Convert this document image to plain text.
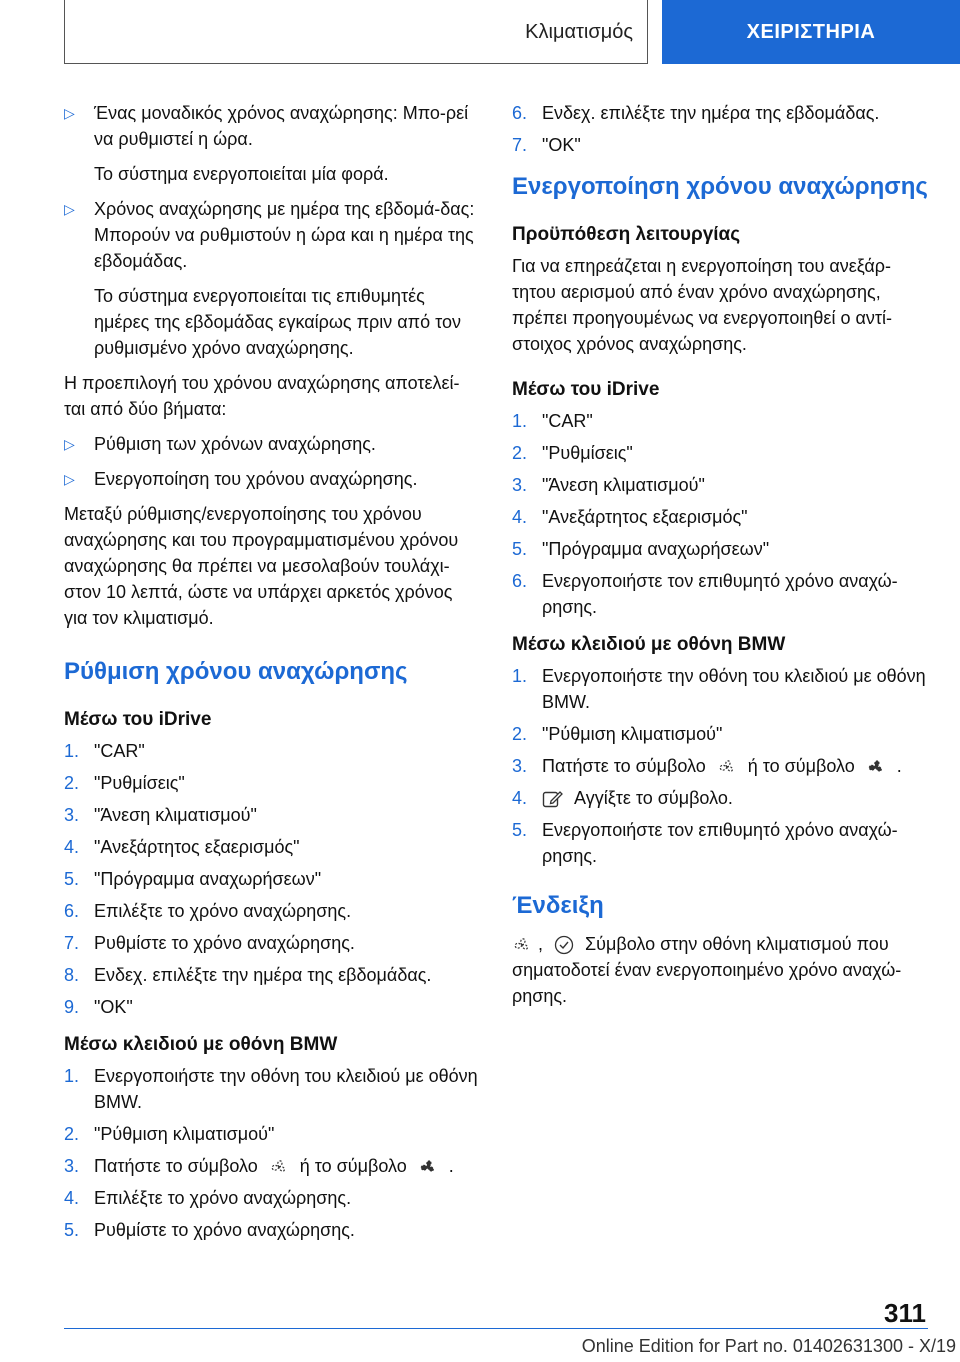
Κλιματισμός	ΧΕΙΡΙΣΤΗΡΙΑ
▷	Ένας μοναδικός χρόνος αναχώρησης: Μπο-ρεί να ρυθμιστεί η ώρα.

Το σύστημα ενεργοποιείται μία φορά.

▷	Χρόνος αναχώρησης με ημέρα της εβδομά-δας: Μπορούν να ρυθμιστούν η ώρα και η ημέρα της εβδομάδας.

Το σύστημα ενεργοποιείται τις επιθυμητές ημέρες της εβδομάδας εγκαίρως πριν από τον ρυθμισμένο χρόνο αναχώρησης.

Η προεπιλογή του χρόνου αναχώρησης αποτελεί-ται από δύο βήματα:

▷	Ρύθμιση των χρόνων αναχώρησης.
▷	Ενεργοποίηση του χρόνου αναχώρησης.

Μεταξύ ρύθμισης/ενεργοποίησης του χρόνου αναχώρησης και του προγραμματισμένου χρόνου αναχώρησης θα πρέπει να μεσολαβούν τουλάχι-στον 10 λεπτά, ώστε να υπάρχει αρκετός χρόνος για τον κλιματισμό.

Ρύθμιση χρόνου αναχώρησης
Μέσω του iDrive
1. "CAR"
2. "Ρυθμίσεις"
3. "Άνεση κλιματισμού"
4. "Ανεξάρτητος εξαερισμός"
5. "Πρόγραμμα αναχωρήσεων"
6. Επιλέξτε το χρόνο αναχώρησης.
7. Ρυθμίστε το χρόνο αναχώρησης.
8. Ενδεχ. επιλέξτε την ημέρα της εβδομάδας.
9. "OK"
Μέσω κλειδιού με οθόνη BMW
1. Ενεργοποιήστε την οθόνη του κλειδιού με οθόνη BMW.
2. "Ρύθμιση κλιματισμού"
3. Πατήστε το σύμβολο ή το σύμβολο .
4. Επιλέξτε το χρόνο αναχώρησης.
5. Ρυθμίστε το χρόνο αναχώρησης.
6. Ενδεχ. επιλέξτε την ημέρα της εβδομάδας.
7. "OK"
Ενεργοποίηση χρόνου αναχώρησης
Προϋπόθεση λειτουργίας

Για να επηρεάζεται η ενεργοποίηση του ανεξάρ-τητου αερισμού από έναν χρόνο αναχώρησης, πρέπει προηγουμένως να ενεργοποιηθεί ο αντί-στοιχος χρόνος αναχώρησης.

Μέσω του iDrive
1. "CAR"
2. "Ρυθμίσεις"
3. "Άνεση κλιματισμού"
4. "Ανεξάρτητος εξαερισμός"
5. "Πρόγραμμα αναχωρήσεων"
6. Ενεργοποιήστε τον επιθυμητό χρόνο αναχώ-ρησης.
Μέσω κλειδιού με οθόνη BMW
1. Ενεργοποιήστε την οθόνη του κλειδιού με οθόνη BMW.
2. "Ρύθμιση κλιματισμού"
3. Πατήστε το σύμβολο ή το σύμβολο .
4.	Αγγίξτε το σύμβολο.
5. Ενεργοποιήστε τον επιθυμητό χρόνο αναχώ-ρησης.
Ένδειξη

, Σύμβολο στην οθόνη κλιματισμού που σηματοδοτεί έναν ενεργοποιημένο χρόνο αναχώ-ρησης.

311
Online Edition for Part no. 01402631300 - X/19
